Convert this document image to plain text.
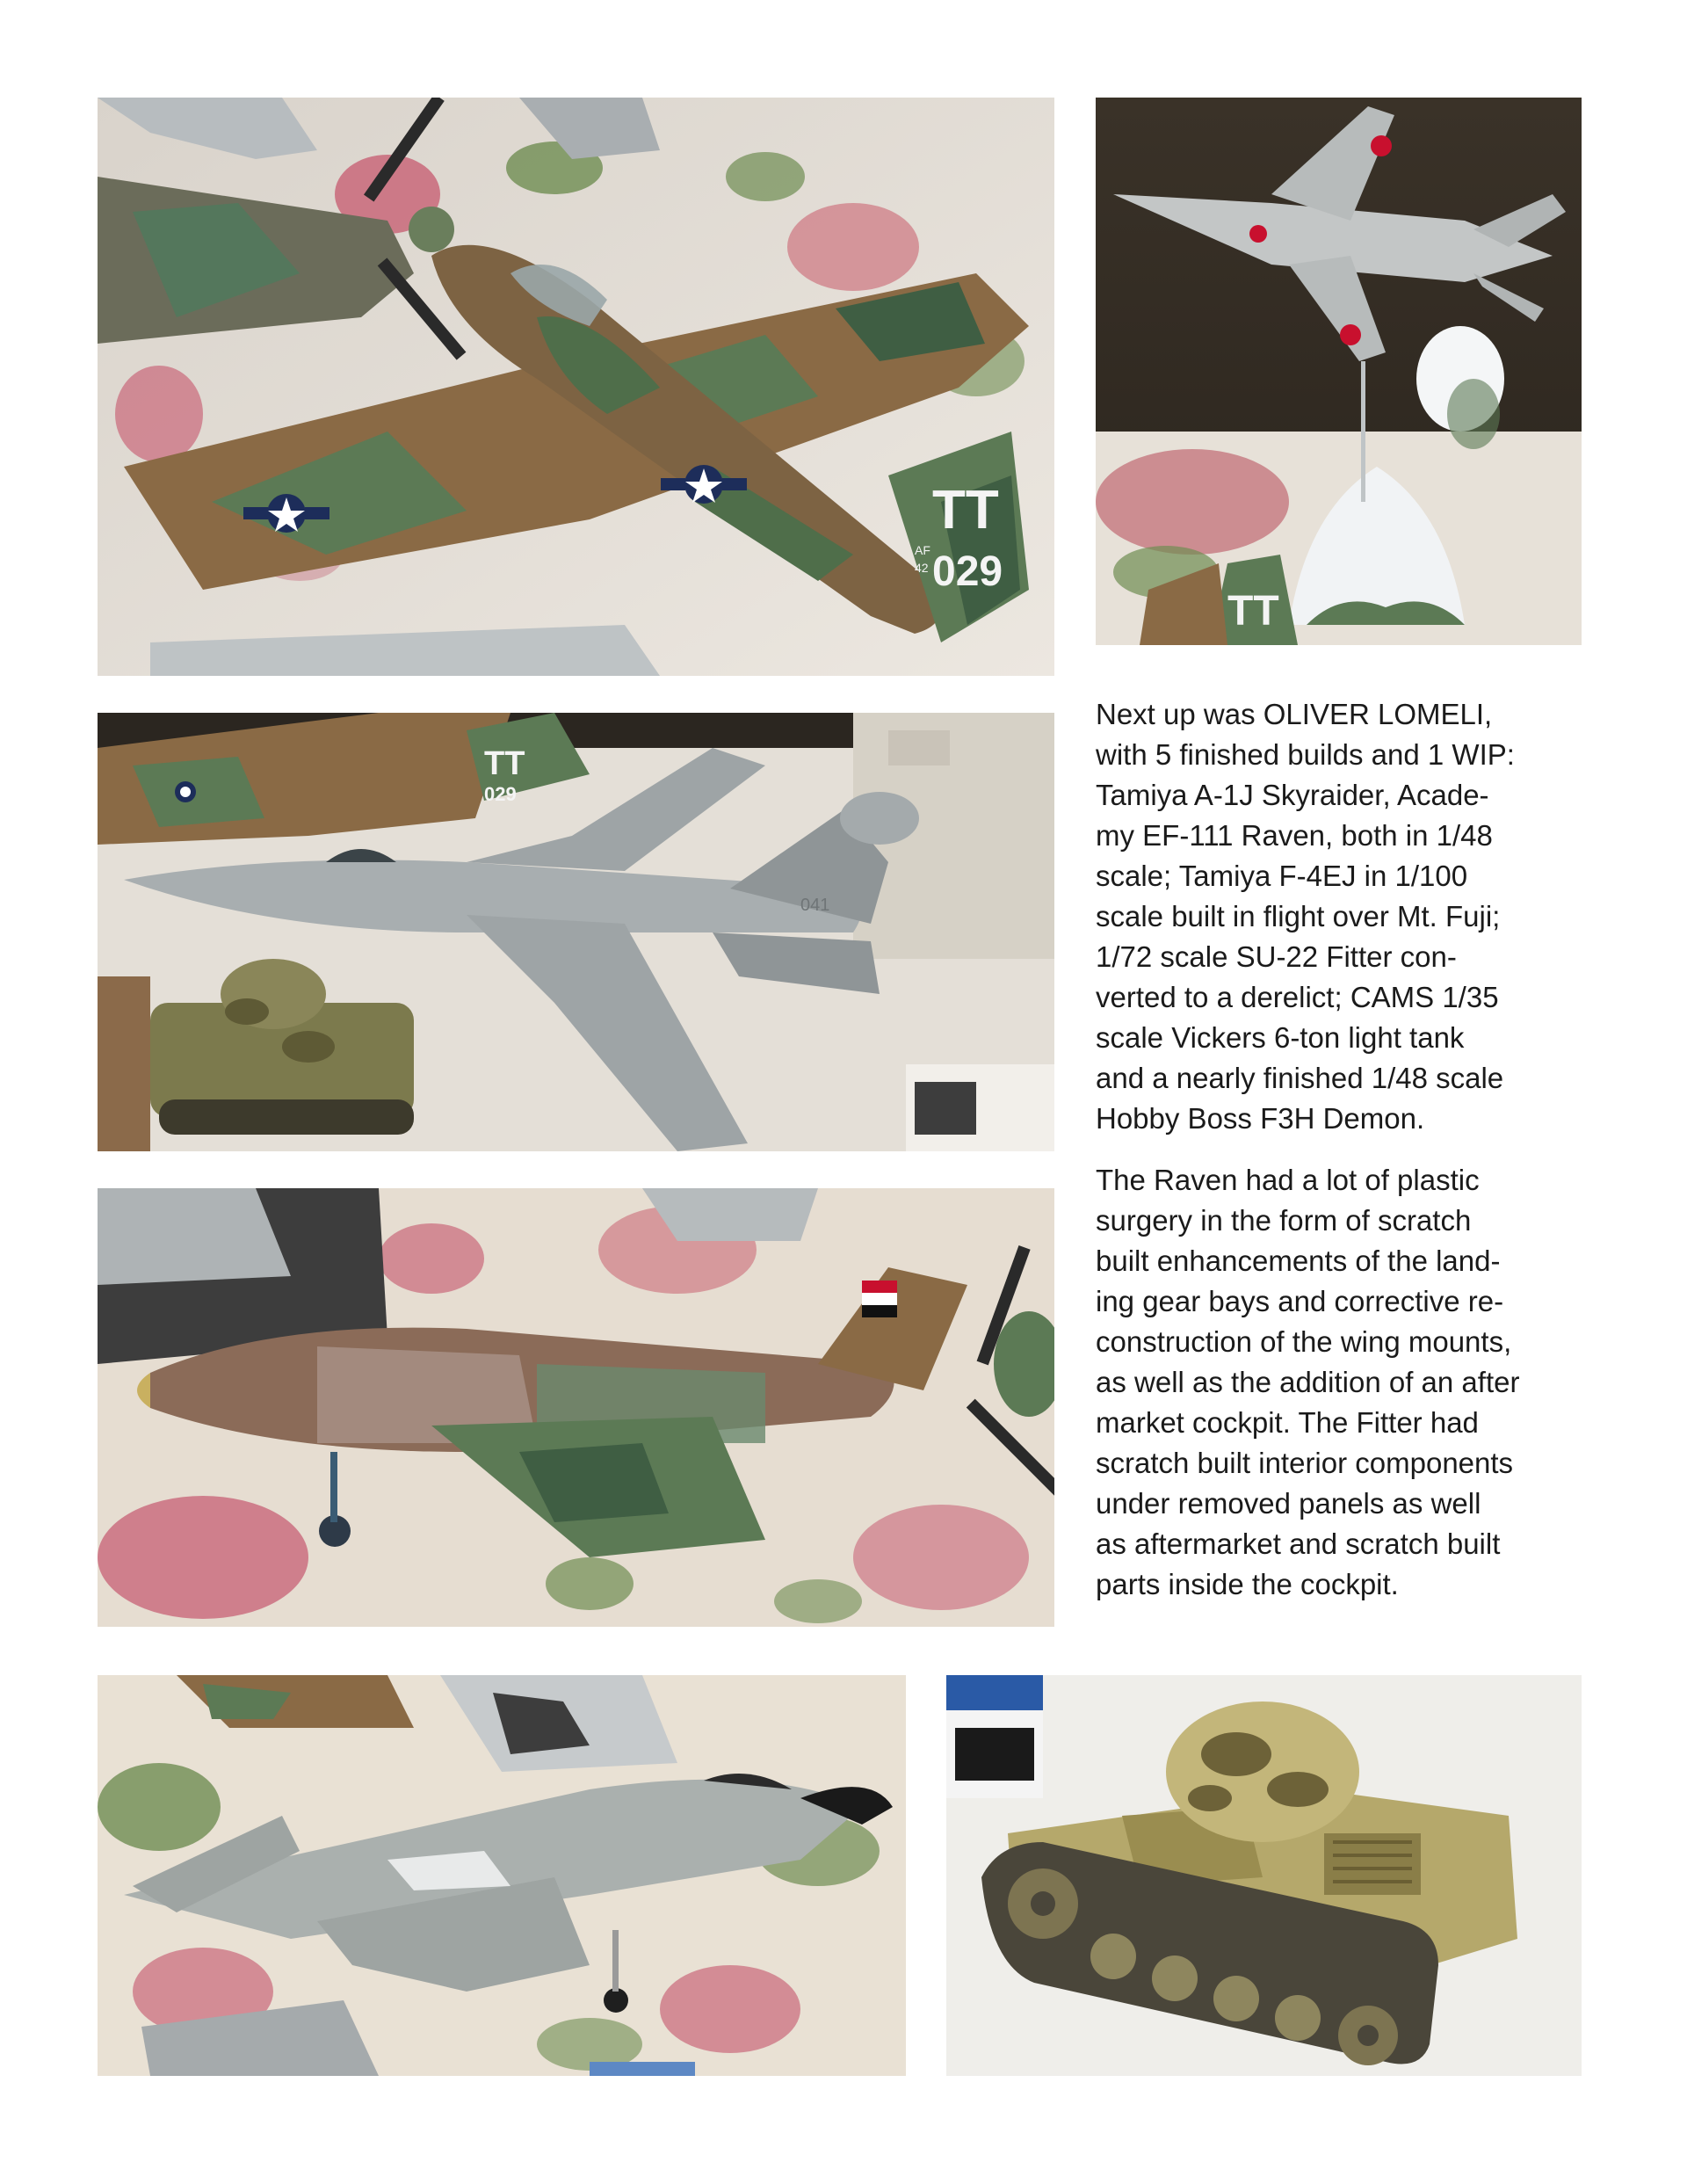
TT
029
AF
42
TT
TT
029
041

Next up was OLIVER LOMELI,
with 5 finished builds and 1 WIP:
Tamiya A-1J Skyraider, Acade-
my EF-111 Raven, both in 1/48
scale; Tamiya F-4EJ in 1/100
scale built in flight over Mt. Fuji;
1/72 scale SU-22 Fitter con-
verted to a derelict; CAMS 1/35
scale Vickers 6-ton light tank
and a nearly finished 1/48 scale
Hobby Boss F3H Demon.

The Raven had a lot of plastic
surgery in the form of scratch
built enhancements of the land-
ing gear bays and corrective re-
construction of the wing mounts,
as well as the addition of an after
market cockpit. The Fitter had
scratch built interior components
under removed panels as well
as aftermarket and scratch built
parts inside the cockpit.
